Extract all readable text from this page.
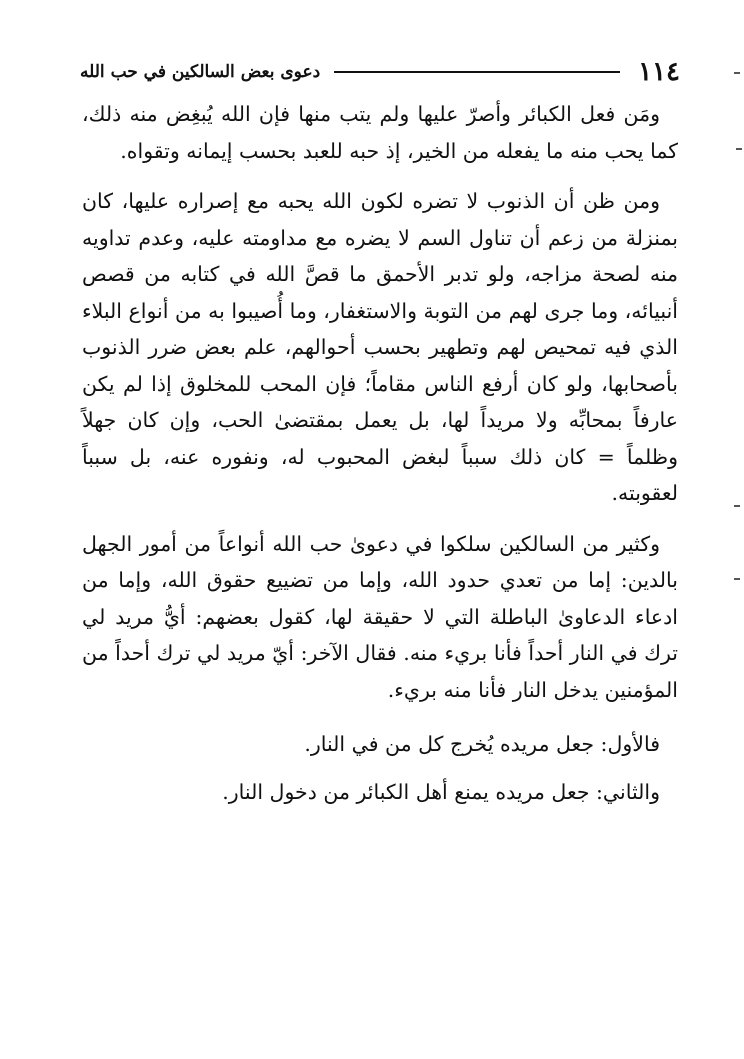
١١٤
دعوى بعض السالكين في حب الله

ومَن فعل الكبائر وأصرّ عليها ولم يتب منها فإن الله يُبغِض منه ذلك، كما يحب منه ما يفعله من الخير، إذ حبه للعبد بحسب إيمانه وتقواه.

ومن ظن أن الذنوب لا تضره لكون الله يحبه مع إصراره عليها، كان بمنزلة من زعم أن تناول السم لا يضره مع مداومته عليه، وعدم تداويه منه لصحة مزاجه، ولو تدبر الأحمق ما قصَّ الله في كتابه من قصص أنبيائه، وما جرى لهم من التوبة والاستغفار، وما أُصيبوا به من أنواع البلاء الذي فيه تمحيص لهم وتطهير بحسب أحوالهم، علم بعض ضرر الذنوب بأصحابها، ولو كان أرفع الناس مقاماً؛ فإن المحب للمخلوق إذا لم يكن عارفاً بمحابِّه ولا مريداً لها، بل يعمل بمقتضىٰ الحب، وإن كان جهلاً وظلماً = كان ذلك سبباً لبغض المحبوب له، ونفوره عنه، بل سبباً لعقوبته.

وكثير من السالكين سلكوا في دعوىٰ حب الله أنواعاً من أمور الجهل بالدين: إما من تعدي حدود الله، وإما من تضييع حقوق الله، وإما من ادعاء الدعاوىٰ الباطلة التي لا حقيقة لها، كقول بعضهم: أيُّ مريد لي ترك في النار أحداً فأنا بريء منه. فقال الآخر: أيّ مريد لي ترك أحداً من المؤمنين يدخل النار فأنا منه بريء.

فالأول: جعل مريده يُخرج كل من في النار.

والثاني: جعل مريده يمنع أهل الكبائر من دخول النار.
